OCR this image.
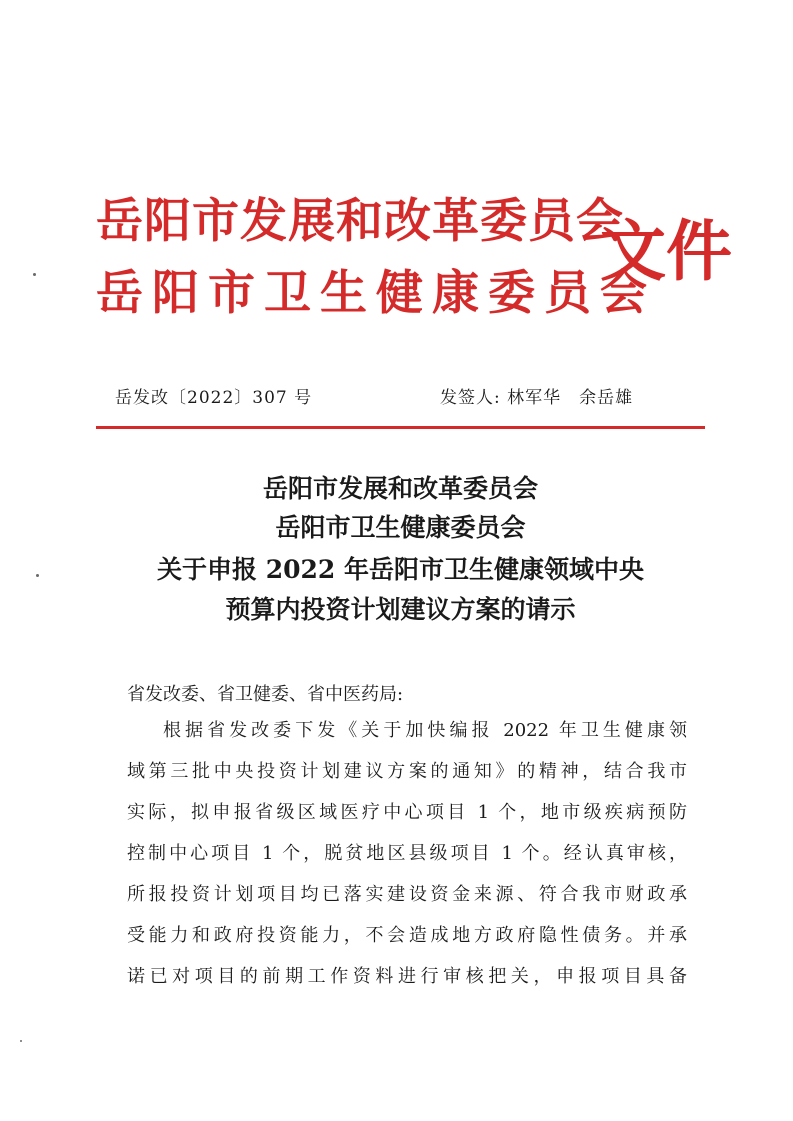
岳阳市发展和改革委员会
岳阳市卫生健康委员会
文件
岳发改〔2022〕307 号	发签人: 林军华　余岳雄
岳阳市发展和改革委员会
岳阳市卫生健康委员会
关于申报 2022 年岳阳市卫生健康领域中央
预算内投资计划建议方案的请示
省发改委、省卫健委、省中医药局:
根据省发改委下发《关于加快编报 2022 年卫生健康领
域第三批中央投资计划建议方案的通知》的精神，结合我市
实际，拟申报省级区域医疗中心项目 1 个，地市级疾病预防
控制中心项目 1 个，脱贫地区县级项目 1 个。经认真审核，
所报投资计划项目均已落实建设资金来源、符合我市财政承
受能力和政府投资能力，不会造成地方政府隐性债务。并承
诺已对项目的前期工作资料进行审核把关，申报项目具备
